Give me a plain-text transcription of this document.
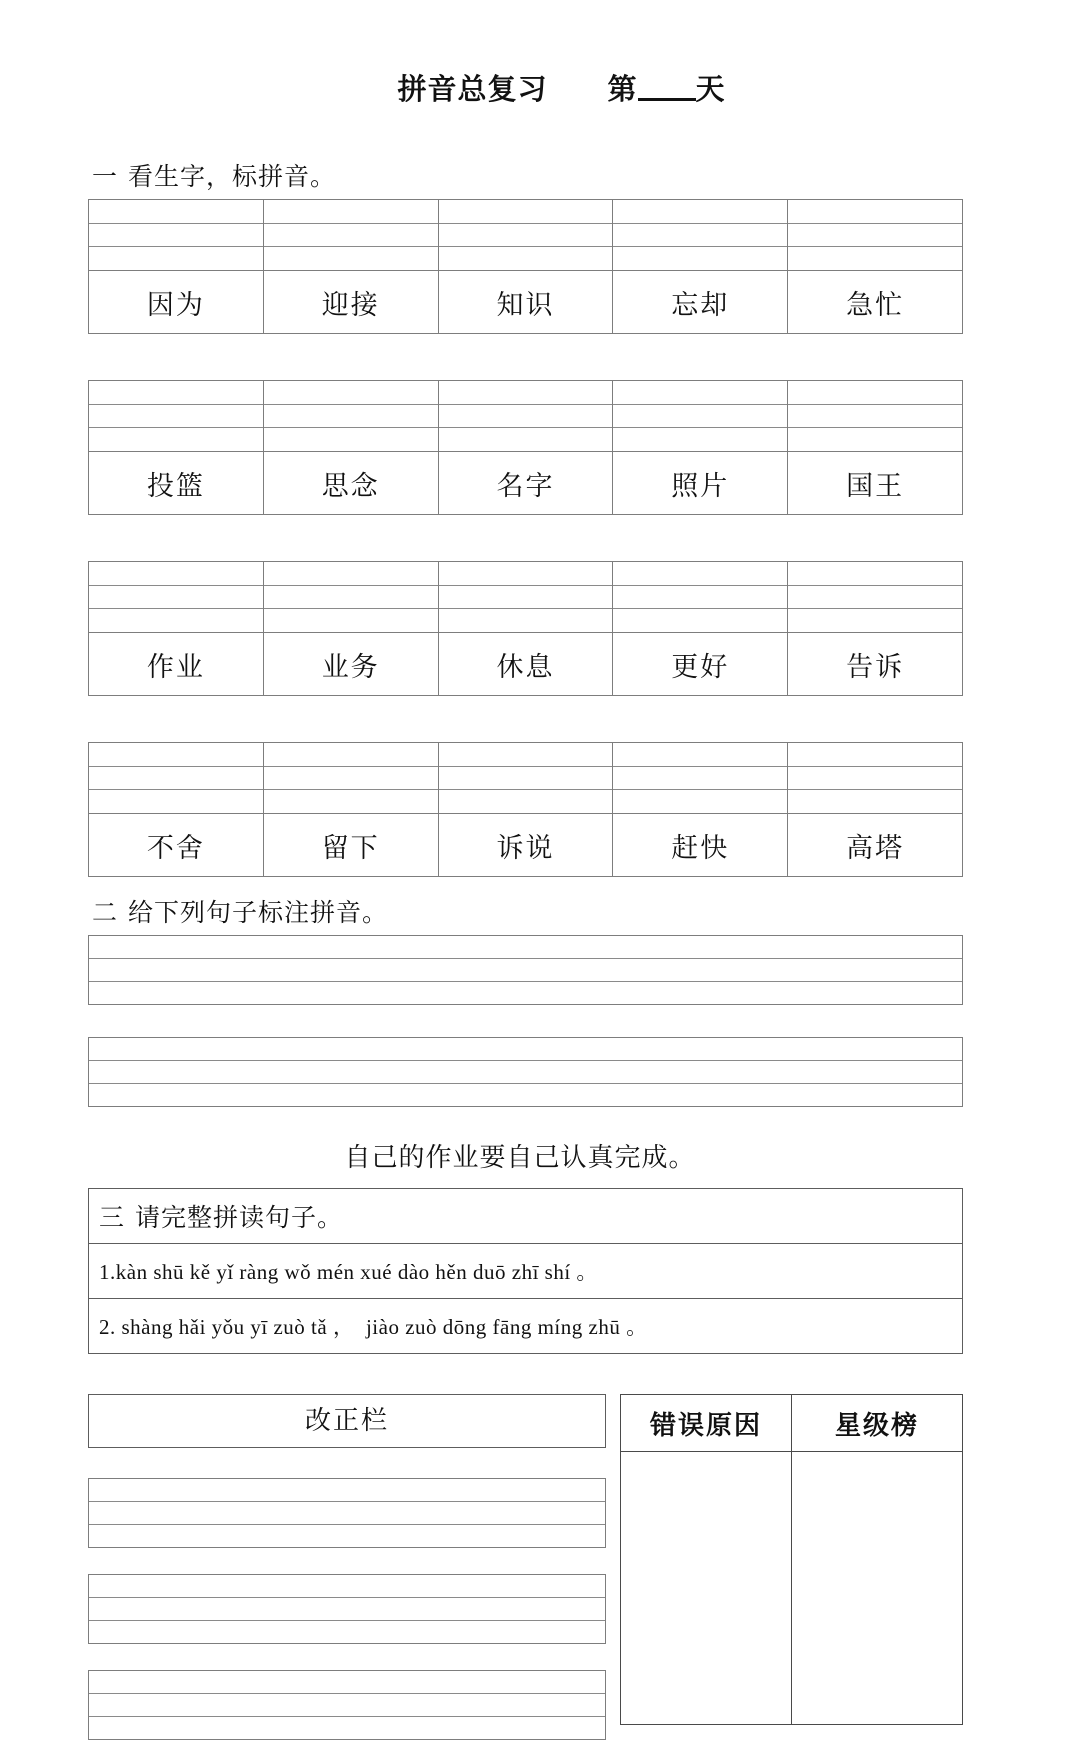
拼音总复习　　 第 天

一 看生字，标拼音。

因为	迎接	知识	忘却	急忙

投篮	思念	名字	照片	国王

作业	业务	休息	更好	告诉

不舍	留下	诉说	赶快	高塔
二 给下列句子标注拼音。
自己的作业要自己认真完成。
三 请完整拼读句子。
1.kàn shū kě yǐ ràng wǒ mén xué dào hěn duō zhī shí 。
2. shàng hǎi yǒu yī zuò tǎ ，  jiào zuò dōng fāng míng zhū 。
改正栏	错误原因	星级榜
